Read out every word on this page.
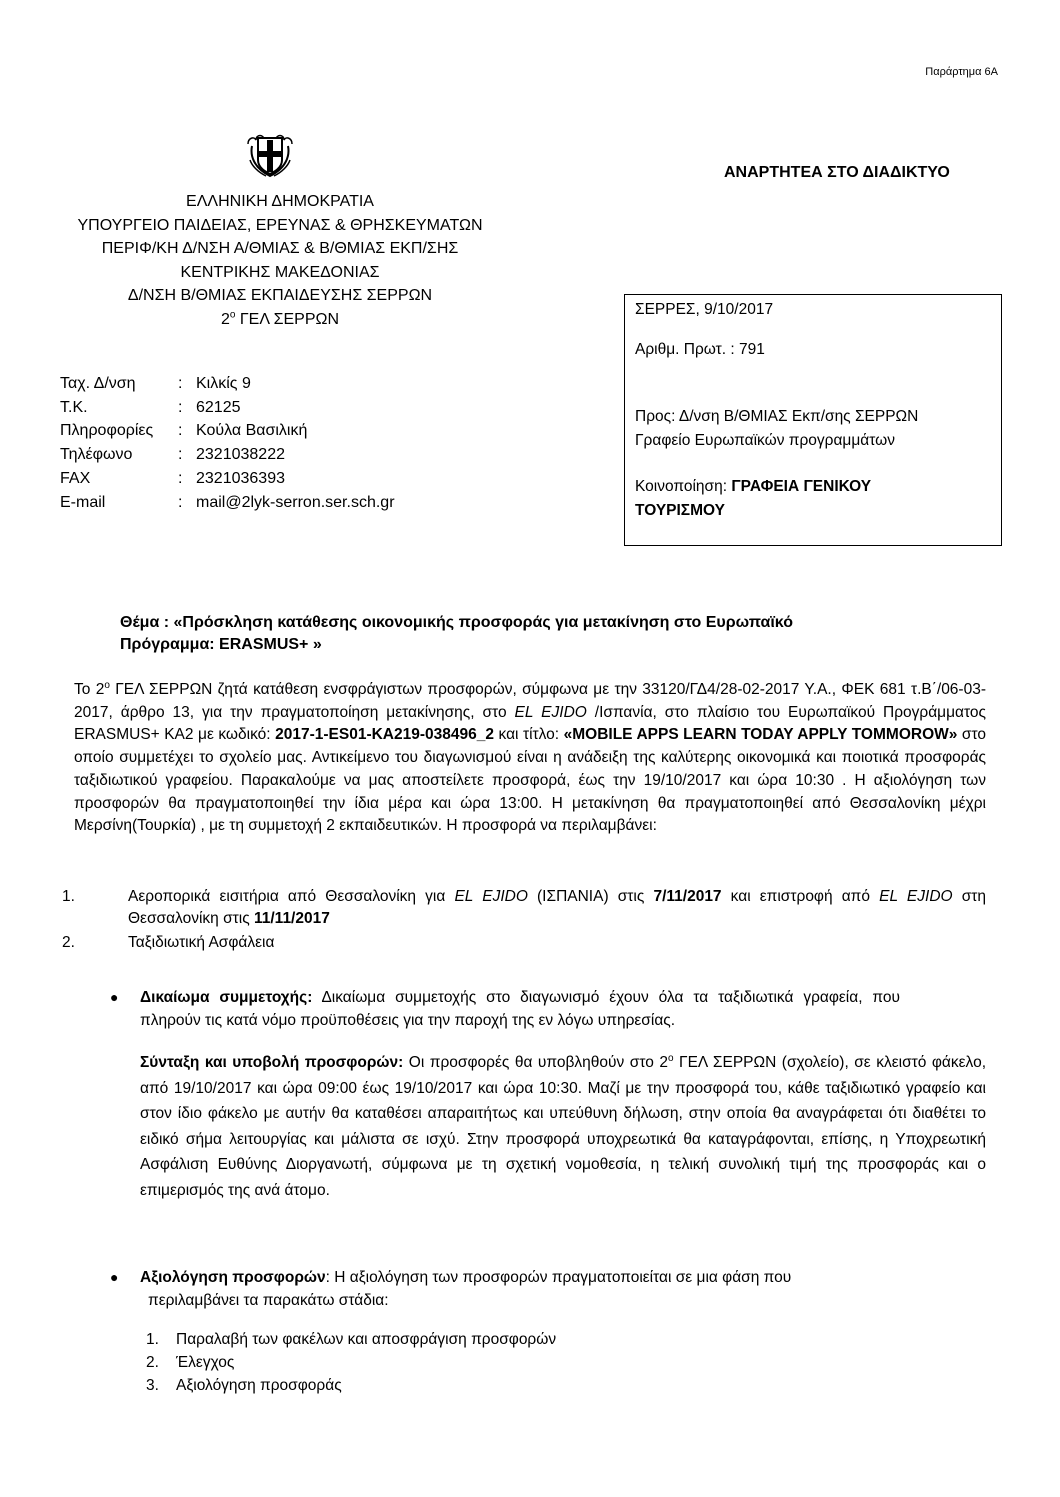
Παράρτημα 6Α
ΑΝΑΡΤΗΤΕΑ ΣΤΟ ΔΙΑΔΙΚΤΥΟ
ΕΛΛΗΝΙΚΗ ΔΗΜΟΚΡΑΤΙΑ
ΥΠΟΥΡΓΕΙΟ ΠΑΙΔΕΙΑΣ, ΕΡΕΥΝΑΣ & ΘΡΗΣΚΕΥΜΑΤΩΝ
ΠΕΡΙΦ/ΚΗ Δ/ΝΣΗ Α/ΘΜΙΑΣ & Β/ΘΜΙΑΣ ΕΚΠ/ΣΗΣ
ΚΕΝΤΡΙΚΗΣ ΜΑΚΕΔΟΝΙΑΣ
Δ/ΝΣΗ Β/ΘΜΙΑΣ ΕΚΠΑΙΔΕΥΣΗΣ ΣΕΡΡΩΝ
$2^o$ ΓΕΛ ΣΕΡΡΩΝ
Ταχ. Δ/νση	: Κιλκίς 9
Τ.Κ.	: 62125
Πληροφορίες	: Κούλα Βασιλική
Τηλέφωνο	: 2321038222
FAX	: 2321036393
E-mail	: mail@2lyk-serron.ser.sch.gr

ΣΕΡΡΕΣ, 9/10/2017

Αριθμ. Πρωτ. : 791

Προς: Δ/νση Β/ΘΜΙΑΣ Εκπ/σης ΣΕΡΡΩΝ
Γραφείο Ευρωπαϊκών προγραμμάτων

Κοινοποίηση: ΓΡΑΦΕΙΑ ΓΕΝΙΚΟΥ
ΤΟΥΡΙΣΜΟΥ

Θέμα : «Πρόσκληση κατάθεσης οικονομικής προσφοράς για μετακίνηση στο Ευρωπαϊκό
Πρόγραμμα: ERASMUS+ »
Το $2^o$ ΓΕΛ ΣΕΡΡΩΝ ζητά κατάθεση ενσφράγιστων προσφορών, σύμφωνα με την 33120/ΓΔ4/28-02-2017 Υ.Α., ΦΕΚ 681 τ.Β΄/06-03-2017, άρθρο 13, για την πραγματοποίηση μετακίνησης, στο EL EJIDO /Ισπανία, στο πλαίσιο του Ευρωπαϊκού Προγράμματος ERASMUS+ KA2 με κωδικό: 2017-1-ES01-KA219-038496_2 και τίτλο: «MOBILE APPS LEARN TODAY APPLY TOMMOROW» στο οποίο συμμετέχει το σχολείο μας. Αντικείμενο του διαγωνισμού είναι η ανάδειξη της καλύτερης οικονομικά και ποιοτικά προσφοράς ταξιδιωτικού γραφείου. Παρακαλούμε να μας αποστείλετε προσφορά, έως την 19/10/2017 και ώρα 10:30 . Η αξιολόγηση των προσφορών θα πραγματοποιηθεί την ίδια μέρα και ώρα 13:00. Η μετακίνηση θα πραγματοποιηθεί από Θεσσαλονίκη μέχρι Μερσίνη(Τουρκία) , με τη συμμετοχή 2 εκπαιδευτικών. Η προσφορά να περιλαμβάνει:
1.	Αεροπορικά εισιτήρια από Θεσσαλονίκη για EL EJIDO (ΙΣΠΑΝΙΑ) στις 7/11/2017 και επιστροφή από EL EJIDO στη Θεσσαλονίκη στις 11/11/2017
2.	Ταξιδιωτική Ασφάλεια
● Δικαίωμα συμμετοχής: Δικαίωμα συμμετοχής στο διαγωνισμό έχουν όλα τα ταξιδιωτικά γραφεία, που πληρούν τις κατά νόμο προϋποθέσεις για την παροχή της εν λόγω υπηρεσίας.
Σύνταξη και υποβολή προσφορών: Οι προσφορές θα υποβληθούν στο $2^o$ ΓΕΛ ΣΕΡΡΩΝ (σχολείο), σε κλειστό φάκελο, από 19/10/2017 και ώρα 09:00 έως 19/10/2017 και ώρα 10:30. Μαζί με την προσφορά του, κάθε ταξιδιωτικό γραφείο και στον ίδιο φάκελο με αυτήν θα καταθέσει απαραιτήτως και υπεύθυνη δήλωση, στην οποία θα αναγράφεται ότι διαθέτει το ειδικό σήμα λειτουργίας και μάλιστα σε ισχύ. Στην προσφορά υποχρεωτικά θα καταγράφονται, επίσης, η Υποχρεωτική Ασφάλιση Ευθύνης Διοργανωτή, σύμφωνα με τη σχετική νομοθεσία, η τελική συνολική τιμή της προσφοράς και ο επιμερισμός της ανά άτομο.
● Αξιολόγηση προσφορών: Η αξιολόγηση των προσφορών πραγματοποιείται σε μια φάση που
περιλαμβάνει τα παρακάτω στάδια:
1.	Παραλαβή των φακέλων και αποσφράγιση προσφορών
2.	Έλεγχος
3.	Αξιολόγηση προσφοράς
